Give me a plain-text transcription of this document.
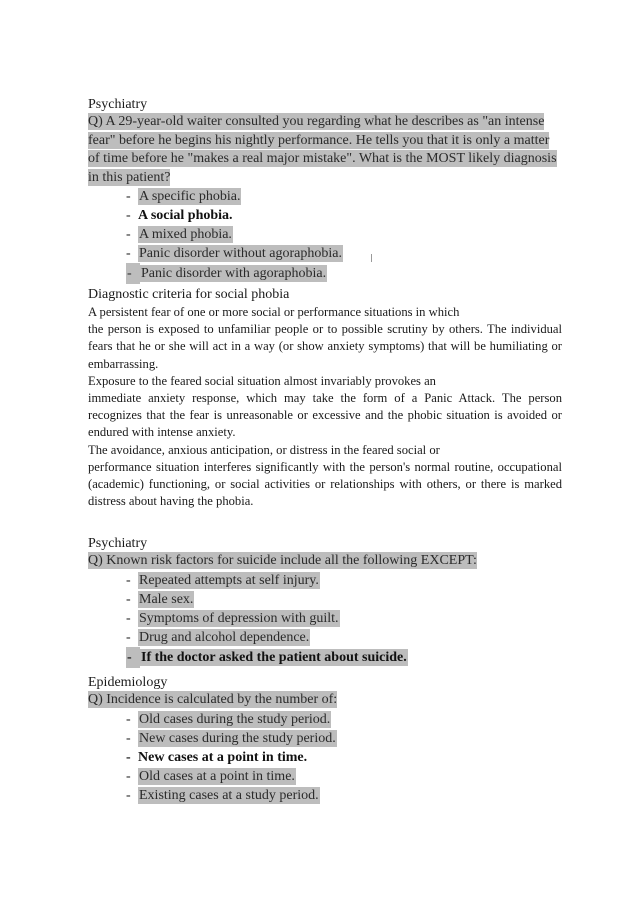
Psychiatry

Q) A 29-year-old waiter consulted you regarding what he describes as "an intense fear" before he begins his nightly performance. He tells you that it is only a matter of time before he "makes a real major mistake". What is the MOST likely diagnosis in this patient?

- A specific phobia.
- A social phobia.
- A mixed phobia.
- Panic disorder without agoraphobia.
- Panic disorder with agoraphobia.

Diagnostic criteria for social phobia

A persistent fear of one or more social or performance situations in which

the person is exposed to unfamiliar people or to possible scrutiny by others. The individual fears that he or she will act in a way (or show anxiety symptoms) that will be humiliating or embarrassing.

Exposure to the feared social situation almost invariably provokes an

immediate anxiety response, which may take the form of a Panic Attack. The person recognizes that the fear is unreasonable or excessive and the phobic situation is avoided or endured with intense anxiety.

The avoidance, anxious anticipation, or distress in the feared social or

performance situation interferes significantly with the person's normal routine, occupational (academic) functioning, or social activities or relationships with others, or there is marked distress about having the phobia.

Psychiatry

Q) Known risk factors for suicide include all the following EXCEPT:

- Repeated attempts at self injury.
- Male sex.
- Symptoms of depression with guilt.
- Drug and alcohol dependence.
- If the doctor asked the patient about suicide.

Epidemiology

Q) Incidence is calculated by the number of:

- Old cases during the study period.
- New cases during the study period.
- New cases at a point in time.
- Old cases at a point in time.
- Existing cases at a study period.
